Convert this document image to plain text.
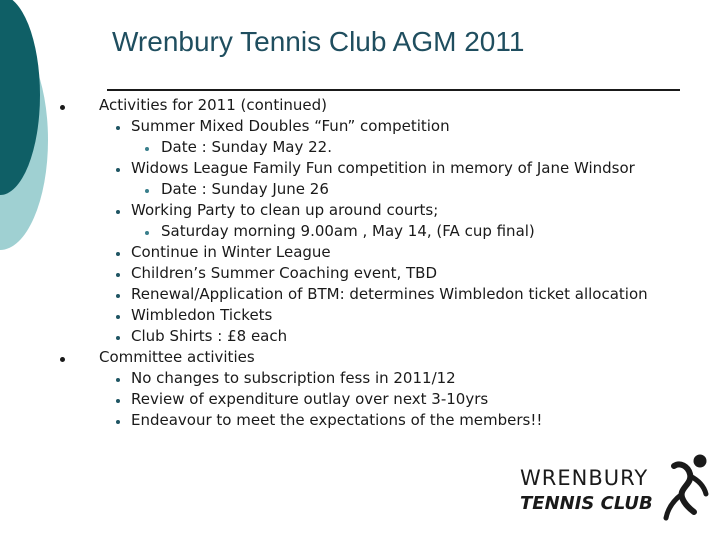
Wrenbury Tennis Club AGM 2011
Activities for 2011 (continued)
Summer Mixed Doubles “Fun” competition
Date : Sunday May 22.
Widows League Family Fun competition in memory of Jane Windsor
Date : Sunday June 26
Working Party to clean up around courts;
Saturday morning 9.00am , May 14, (FA cup final)
Continue in Winter League
Children’s Summer Coaching event, TBD
Renewal/Application of BTM: determines Wimbledon ticket allocation
Wimbledon Tickets
Club Shirts : £8 each
Committee activities
No changes to subscription fess in 2011/12
Review of expenditure outlay over next 3-10yrs
Endeavour to meet the expectations of the members!!
WRENBURY
TENNIS CLUB
